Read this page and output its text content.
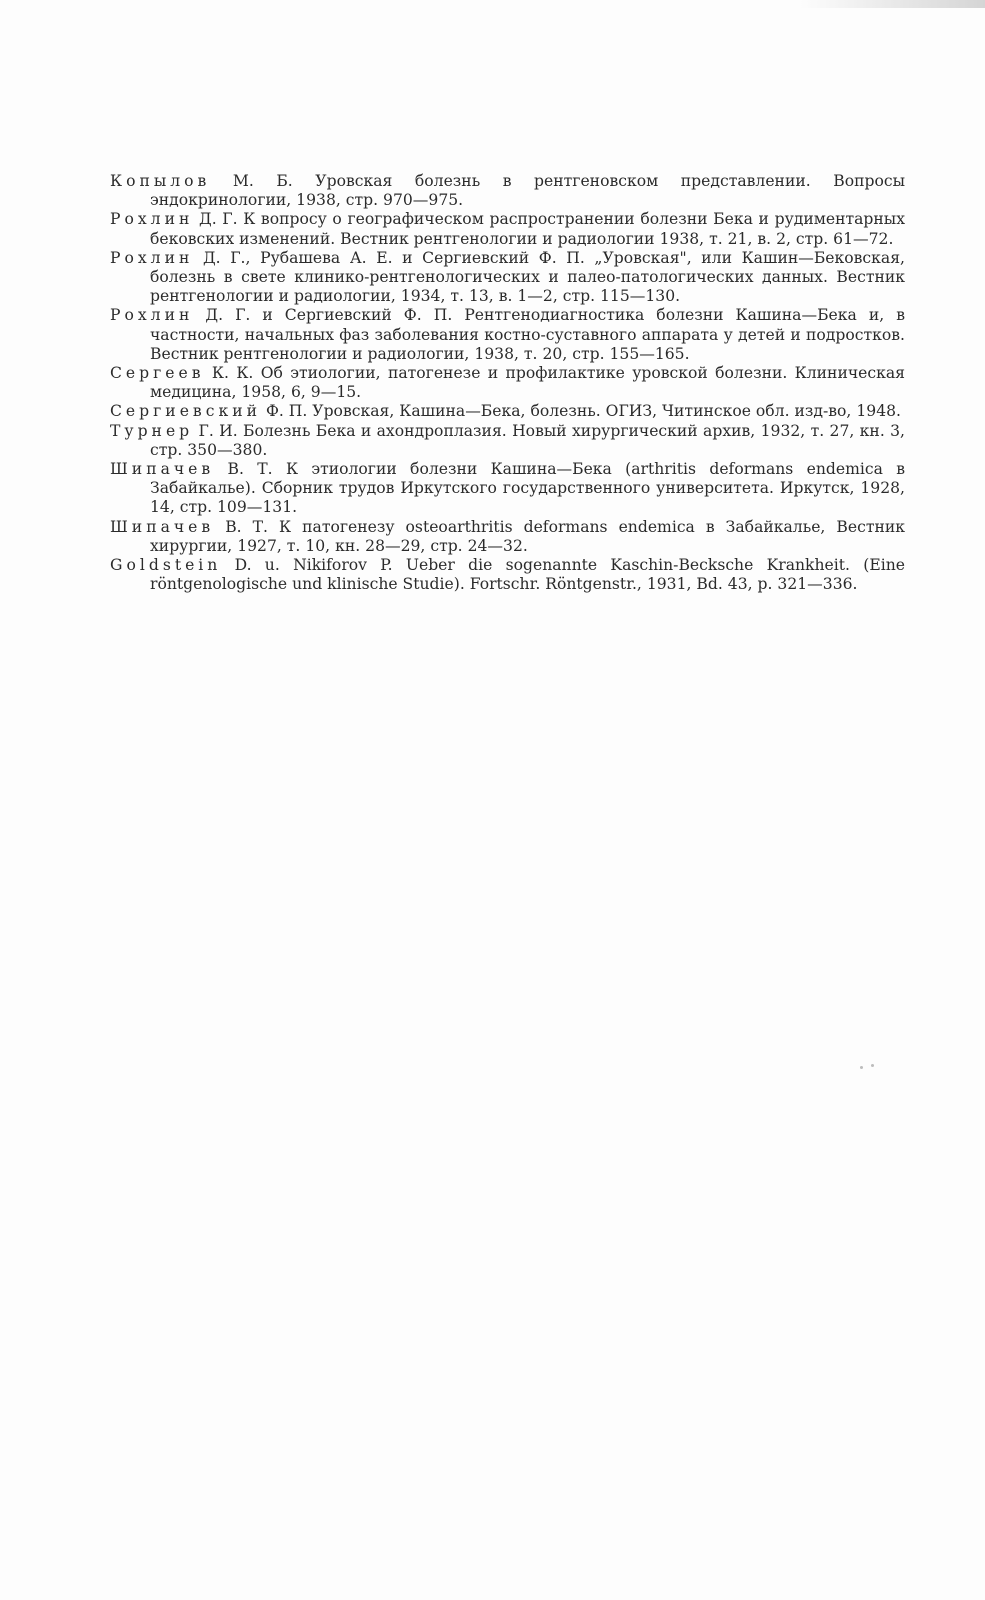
Копылов М. Б. Уровская болезнь в рентгеновском представлении. Вопросы эндокринологии, 1938, стр. 970—975.
Рохлин Д. Г. К вопросу о географическом распространении болезни Бека и рудиментарных бековских изменений. Вестник рентгенологии и радиологии 1938, т. 21, в. 2, стр. 61—72.
Рохлин Д. Г., Рубашева А. Е. и Сергиевский Ф. П. „Уровская", или Кашин—Бековская, болезнь в свете клинико-рентгенологических и палео-патологических данных. Вестник рентгенологии и радиологии, 1934, т. 13, в. 1—2, стр. 115—130.
Рохлин Д. Г. и Сергиевский Ф. П. Рентгенодиагностика болезни Кашина—Бека и, в частности, начальных фаз заболевания костно-суставного аппарата у детей и подростков. Вестник рентгенологии и радиологии, 1938, т. 20, стр. 155—165.
Сергеев К. К. Об этиологии, патогенезе и профилактике уровской болезни. Клиническая медицина, 1958, 6, 9—15.
Сергиевский Ф. П. Уровская, Кашина—Бека, болезнь. ОГИЗ, Читинское обл. изд-во, 1948.
Турнер Г. И. Болезнь Бека и ахондроплазия. Новый хирургический архив, 1932, т. 27, кн. 3, стр. 350—380.
Шипачев В. Т. К этиологии болезни Кашина—Бека (arthritis deformans endemica в Забайкалье). Сборник трудов Иркутского государственного университета. Иркутск, 1928, 14, стр. 109—131.
Шипачев В. Т. К патогенезу osteoarthritis deformans endemica в Забайкалье, Вестник хирургии, 1927, т. 10, кн. 28—29, стр. 24—32.
Goldstein D. u. Nikiforov P. Ueber die sogenannte Kaschin-Becksche Krankheit. (Eine röntgenologische und klinische Studie). Fortschr. Röntgenstr., 1931, Bd. 43, p. 321—336.
